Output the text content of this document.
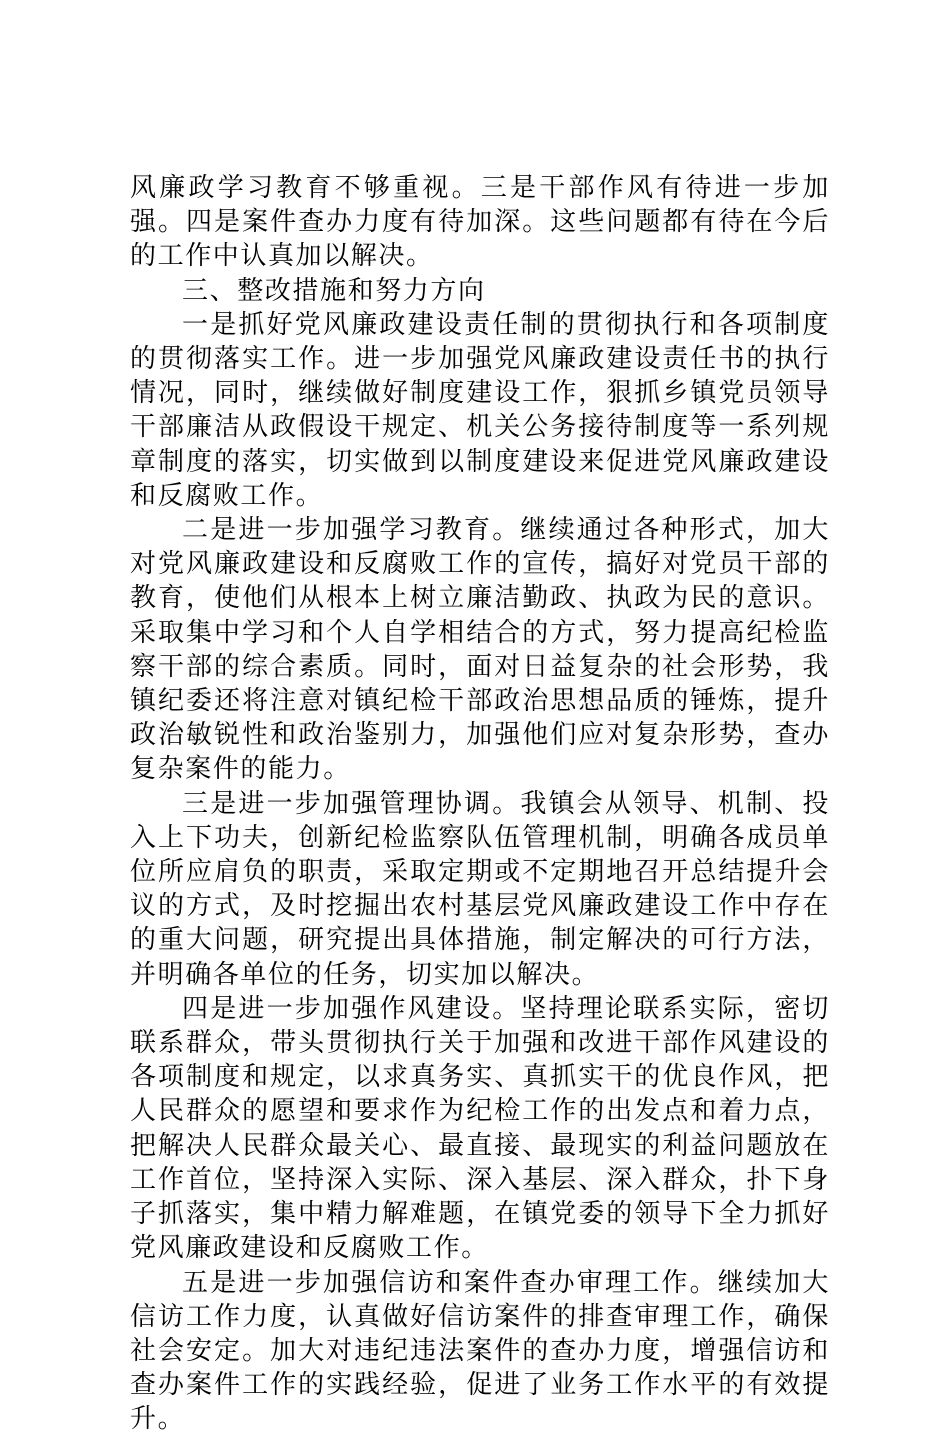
风廉政学习教育不够重视。三是干部作风有待进一步加强。四是案件查办力度有待加深。这些问题都有待在今后的工作中认真加以解决。

三、整改措施和努力方向

一是抓好党风廉政建设责任制的贯彻执行和各项制度的贯彻落实工作。进一步加强党风廉政建设责任书的执行情况，同时，继续做好制度建设工作，狠抓乡镇党员领导干部廉洁从政假设干规定、机关公务接待制度等一系列规章制度的落实，切实做到以制度建设来促进党风廉政建设和反腐败工作。

二是进一步加强学习教育。继续通过各种形式，加大对党风廉政建设和反腐败工作的宣传，搞好对党员干部的教育，使他们从根本上树立廉洁勤政、执政为民的意识。采取集中学习和个人自学相结合的方式，努力提高纪检监察干部的综合素质。同时，面对日益复杂的社会形势，我镇纪委还将注意对镇纪检干部政治思想品质的锤炼，提升政治敏锐性和政治鉴别力，加强他们应对复杂形势，查办复杂案件的能力。

三是进一步加强管理协调。我镇会从领导、机制、投入上下功夫，创新纪检监察队伍管理机制，明确各成员单位所应肩负的职责，采取定期或不定期地召开总结提升会议的方式，及时挖掘出农村基层党风廉政建设工作中存在的重大问题，研究提出具体措施，制定解决的可行方法，并明确各单位的任务，切实加以解决。

四是进一步加强作风建设。坚持理论联系实际，密切联系群众，带头贯彻执行关于加强和改进干部作风建设的各项制度和规定，以求真务实、真抓实干的优良作风，把人民群众的愿望和要求作为纪检工作的出发点和着力点，把解决人民群众最关心、最直接、最现实的利益问题放在工作首位，坚持深入实际、深入基层、深入群众，扑下身子抓落实，集中精力解难题，在镇党委的领导下全力抓好党风廉政建设和反腐败工作。

五是进一步加强信访和案件查办审理工作。继续加大信访工作力度，认真做好信访案件的排查审理工作，确保社会安定。加大对违纪违法案件的查办力度，增强信访和查办案件工作的实践经验，促进了业务工作水平的有效提升。
